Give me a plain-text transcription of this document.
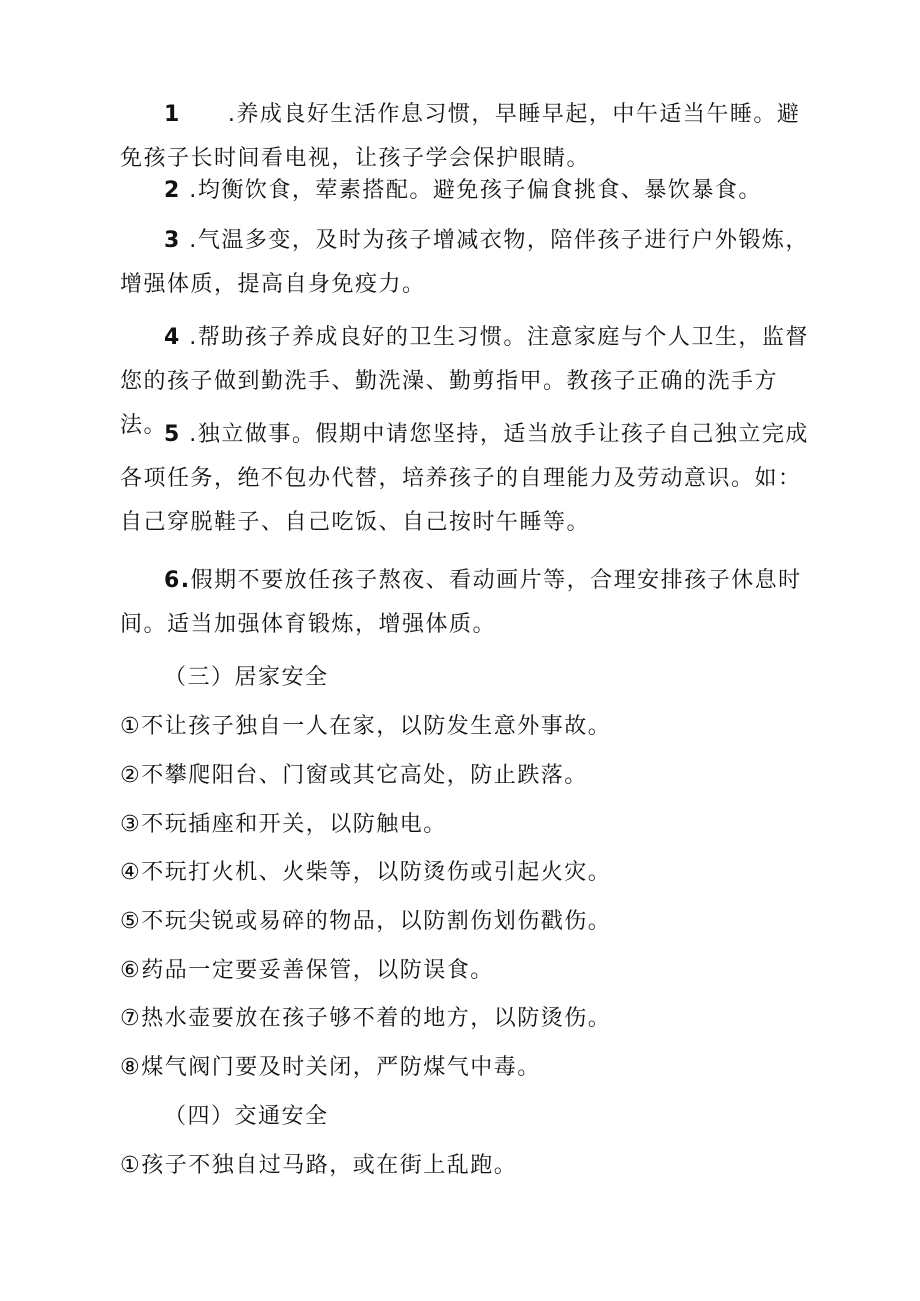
1　　.养成良好生活作息习惯，早睡早起，中午适当午睡。避免孩子长时间看电视，让孩子学会保护眼睛。

2 .均衡饮食，荤素搭配。避免孩子偏食挑食、暴饮暴食。

3 .气温多变，及时为孩子增减衣物，陪伴孩子进行户外锻炼，增强体质，提高自身免疫力。

4 .帮助孩子养成良好的卫生习惯。注意家庭与个人卫生，监督您的孩子做到勤洗手、勤洗澡、勤剪指甲。教孩子正确的洗手方法。

5 .独立做事。假期中请您坚持，适当放手让孩子自己独立完成各项任务，绝不包办代替，培养孩子的自理能力及劳动意识。如：自己穿脱鞋子、自己吃饭、自己按时午睡等。

6.假期不要放任孩子熬夜、看动画片等，合理安排孩子休息时间。适当加强体育锻炼，增强体质。

（三）居家安全

①不让孩子独自一人在家，以防发生意外事故。

②不攀爬阳台、门窗或其它高处，防止跌落。

③不玩插座和开关，以防触电。

④不玩打火机、火柴等，以防烫伤或引起火灾。

⑤不玩尖锐或易碎的物品，以防割伤划伤戳伤。

⑥药品一定要妥善保管，以防误食。

⑦热水壶要放在孩子够不着的地方，以防烫伤。

⑧煤气阀门要及时关闭，严防煤气中毒。

（四）交通安全

①孩子不独自过马路，或在街上乱跑。
